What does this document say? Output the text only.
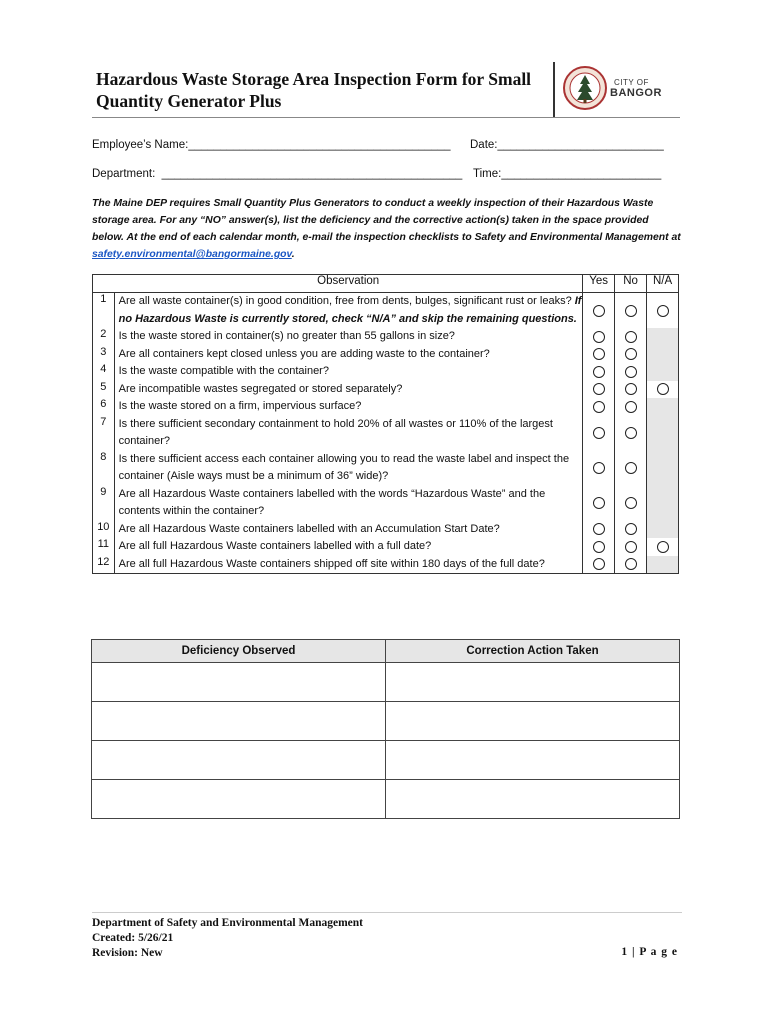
Hazardous Waste Storage Area Inspection Form for Small
Quantity Generator Plus
CITY OF
BANGOR
Employee’s Name:_________________________________________ Date:__________________________
Department: _______________________________________________ Time:_________________________
The Maine DEP requires Small Quantity Plus Generators to conduct a weekly inspection of their Hazardous Waste storage area. For any “NO” answer(s), list the deficiency and the corrective action(s) taken in the space provided below. At the end of each calendar month, e-mail the inspection checklists to Safety and Environmental Management at safety.environmental@bangormaine.gov.
	Observation	Yes	No	N/A
1	Are all waste container(s) in good condition, free from dents, bulges, significant rust or leaks? If no Hazardous Waste is currently stored, check “N/A” and skip the remaining questions.			
2	Is the waste stored in container(s) no greater than 55 gallons in size?			
3	Are all containers kept closed unless you are adding waste to the container?			
4	Is the waste compatible with the container?			
5	Are incompatible wastes segregated or stored separately?			
6	Is the waste stored on a firm, impervious surface?			
7	Is there sufficient secondary containment to hold 20% of all wastes or 110% of the largest container?			
8	Is there sufficient access each container allowing you to read the waste label and inspect the container (Aisle ways must be a minimum of 36” wide)?			
9	Are all Hazardous Waste containers labelled with the words “Hazardous Waste” and the contents within the container?			
10	Are all Hazardous Waste containers labelled with an Accumulation Start Date?			
11	Are all full Hazardous Waste containers labelled with a full date?			
12	Are all full Hazardous Waste containers shipped off site within 180 days of the full date?			
Deficiency Observed	Correction Action Taken

Department of Safety and Environmental Management
Created: 5/26/21
Revision: New	1 | P a g e
